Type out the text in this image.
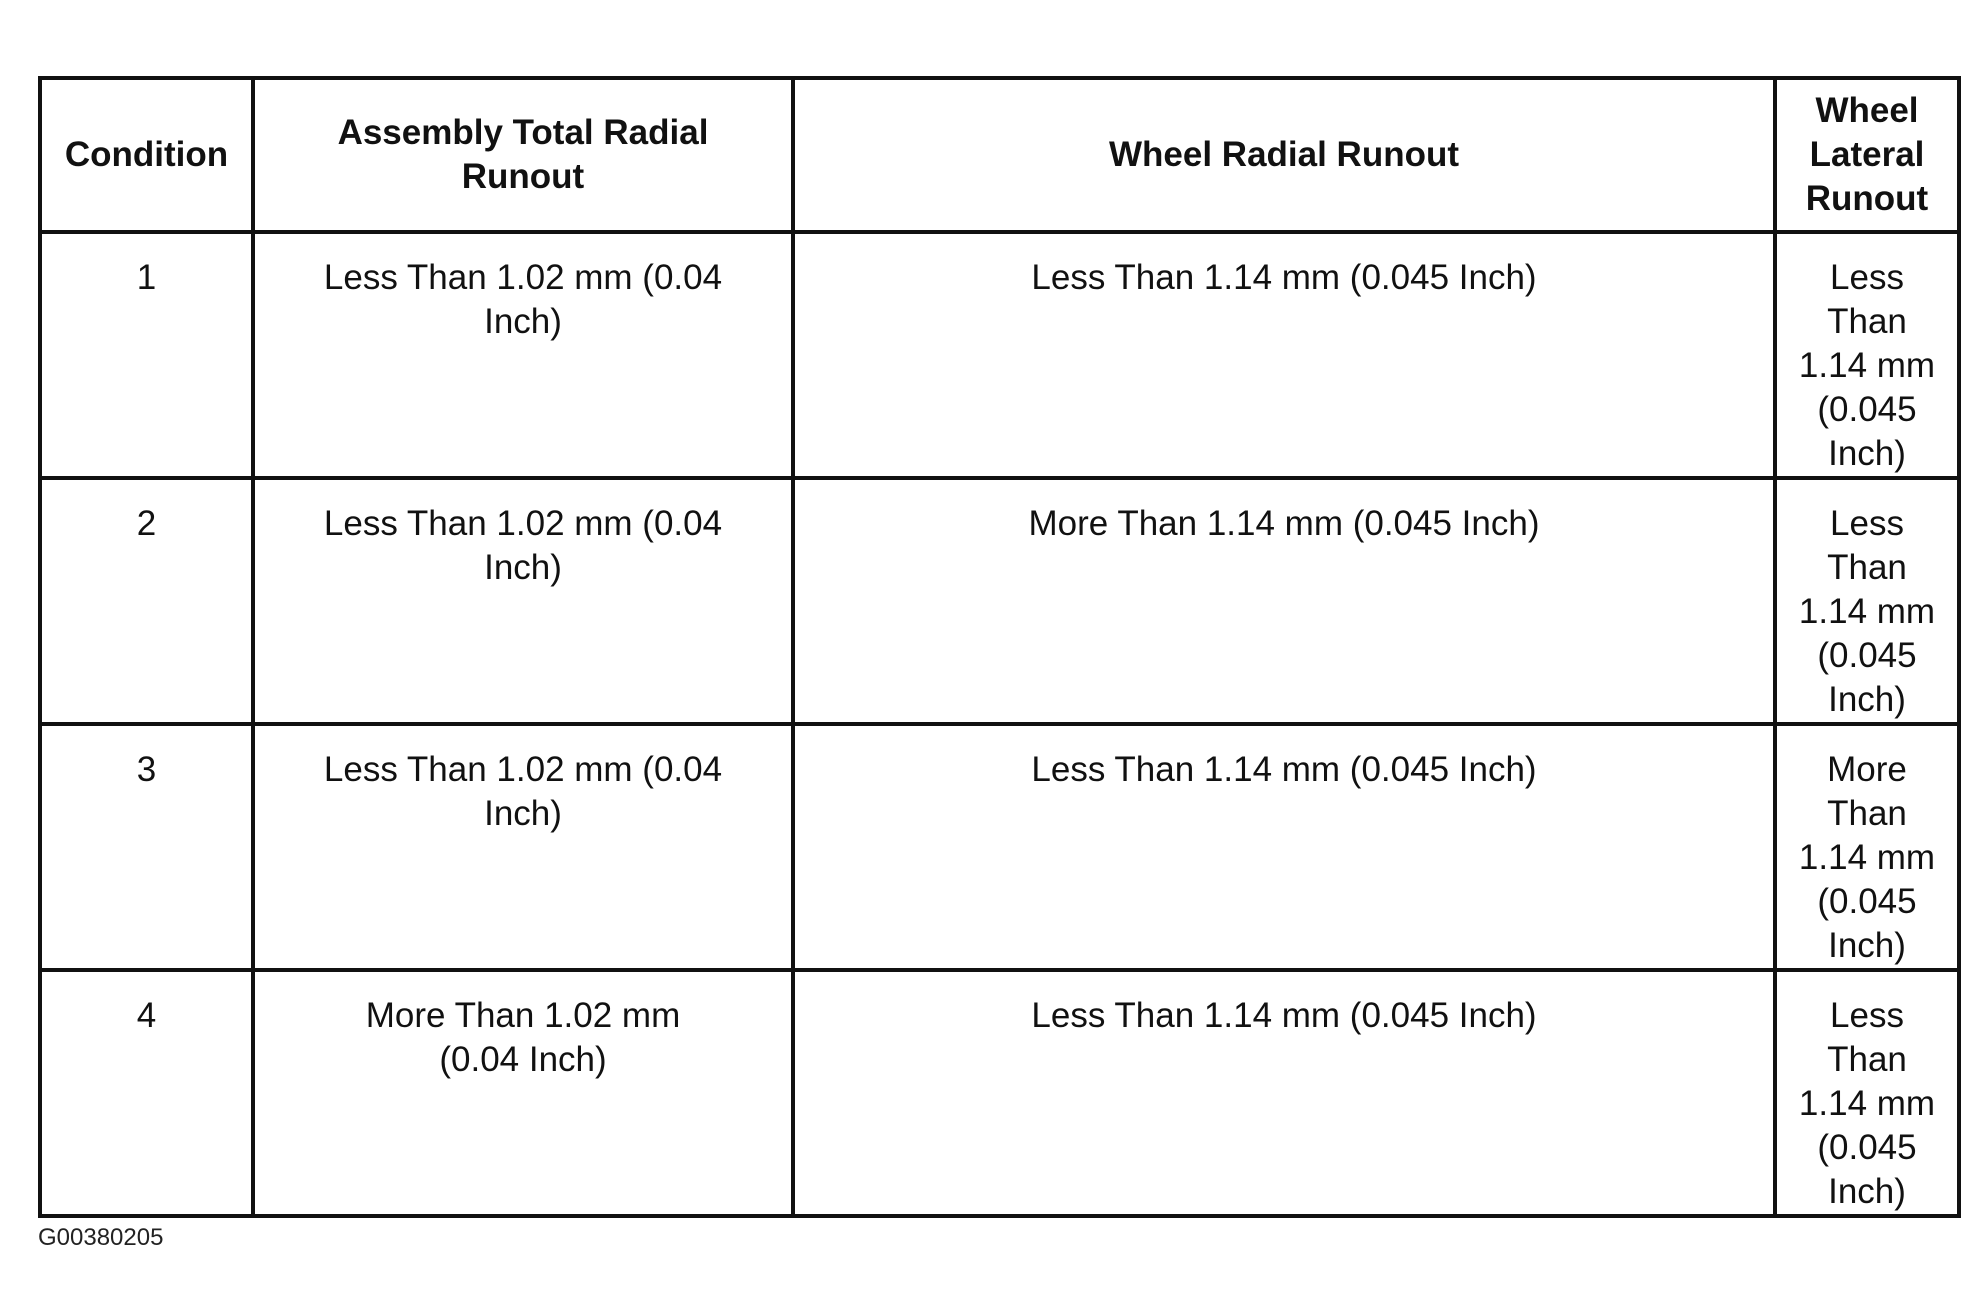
Condition	Assembly Total Radial Runout	Wheel Radial Runout	Wheel Lateral Runout
1	Less Than 1.02 mm (0.04 Inch)	Less Than 1.14 mm (0.045 Inch)	Less Than 1.14 mm (0.045 Inch)
2	Less Than 1.02 mm (0.04 Inch)	More Than 1.14 mm (0.045 Inch)	Less Than 1.14 mm (0.045 Inch)
3	Less Than 1.02 mm (0.04 Inch)	Less Than 1.14 mm (0.045 Inch)	More Than 1.14 mm (0.045 Inch)
4	More Than 1.02 mm (0.04 Inch)	Less Than 1.14 mm (0.045 Inch)	Less Than 1.14 mm (0.045 Inch)
G00380205
